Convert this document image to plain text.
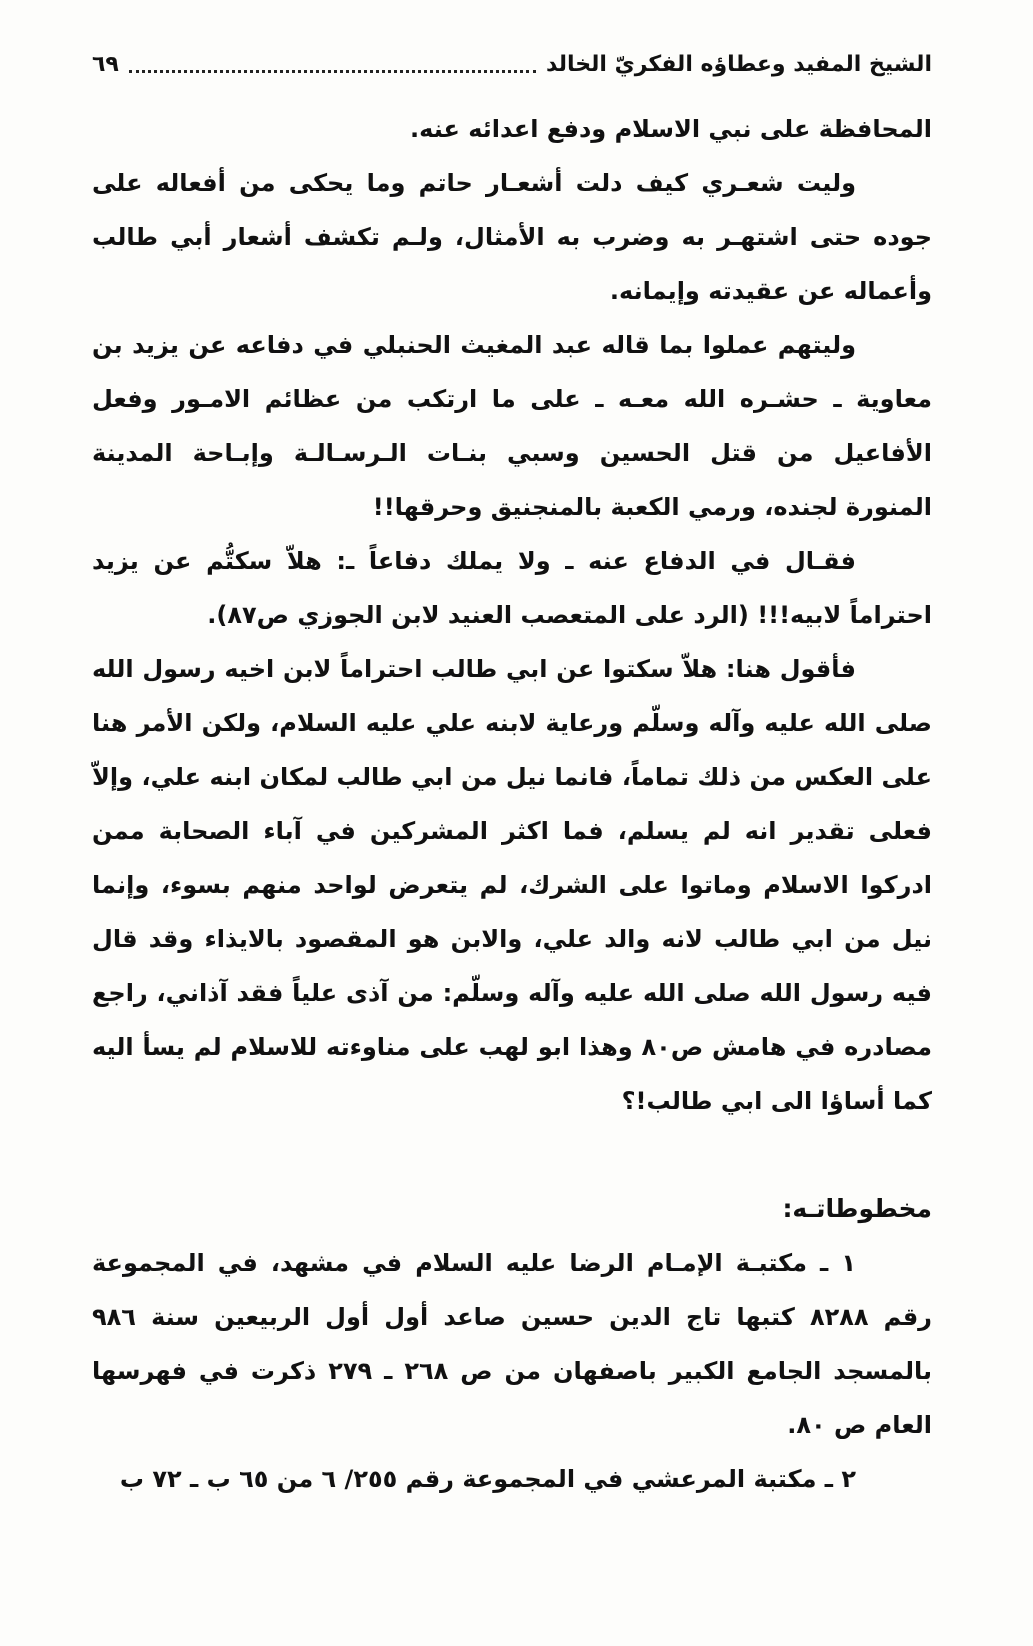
الشيخ المفيد وعطاؤه الفكريّ الخالد
٦٩

المحافظة على نبي الاسلام ودفع اعدائه عنه.

وليت شعـري كيف دلت أشعـار حاتم وما يحكى من أفعاله على جوده حتى اشتهـر به وضرب به الأمثال، ولـم تكشف أشعار أبي طالب وأعماله عن عقيدته وإيمانه.

وليتهم عملوا بما قاله عبد المغيث الحنبلي في دفاعه عن يزيد بن معاوية ـ حشـره الله معـه ـ على ما ارتكب من عظائم الامـور وفعل الأفاعيل من قتل الحسين وسبي بنـات الـرسـالـة وإبـاحة المدينة المنورة لجنده، ورمي الكعبة بالمنجنيق وحرقها!!

فقـال في الدفاع عنه ـ ولا يملك دفاعاً ـ: هلاّ سكتُّم عن يزيد احتراماً لابيه!!! (الرد على المتعصب العنيد لابن الجوزي ص٨٧).

فأقول هنا: هلاّ سكتوا عن ابي طالب احتراماً لابن اخيه رسول الله صلى الله عليه وآله وسلّم ورعاية لابنه علي عليه السلام، ولكن الأمر هنا على العكس من ذلك تماماً، فانما نيل من ابي طالب لمكان ابنه علي، وإلاّ فعلى تقدير انه لم يسلم، فما اكثر المشركين في آباء الصحابة ممن ادركوا الاسلام وماتوا على الشرك، لم يتعرض لواحد منهم بسوء، وإنما نيل من ابي طالب لانه والد علي، والابن هو المقصود بالايذاء وقد قال فيه رسول الله صلى الله عليه وآله وسلّم: من آذى علياً فقد آذاني، راجع مصادره في هامش ص٨٠ وهذا ابو لهب على مناوءته للاسلام لم يسأ اليه كما أساؤا الى ابي طالب!؟

مخطوطاتـه:

١ ـ مكتبـة الإمـام الرضا عليه السلام في مشهد، في المجموعة رقم ٨٢٨٨ كتبها تاج الدين حسين صاعد أول أول الربيعين سنة ٩٨٦ بالمسجد الجامع الكبير باصفهان من ص ٢٦٨ ـ ٢٧٩ ذكرت في فهرسها العام ص ٨٠.

٢ ـ مكتبة المرعشي في المجموعة رقم ٢٥٥/ ٦ من ٦٥ ب ـ ٧٢ ب
